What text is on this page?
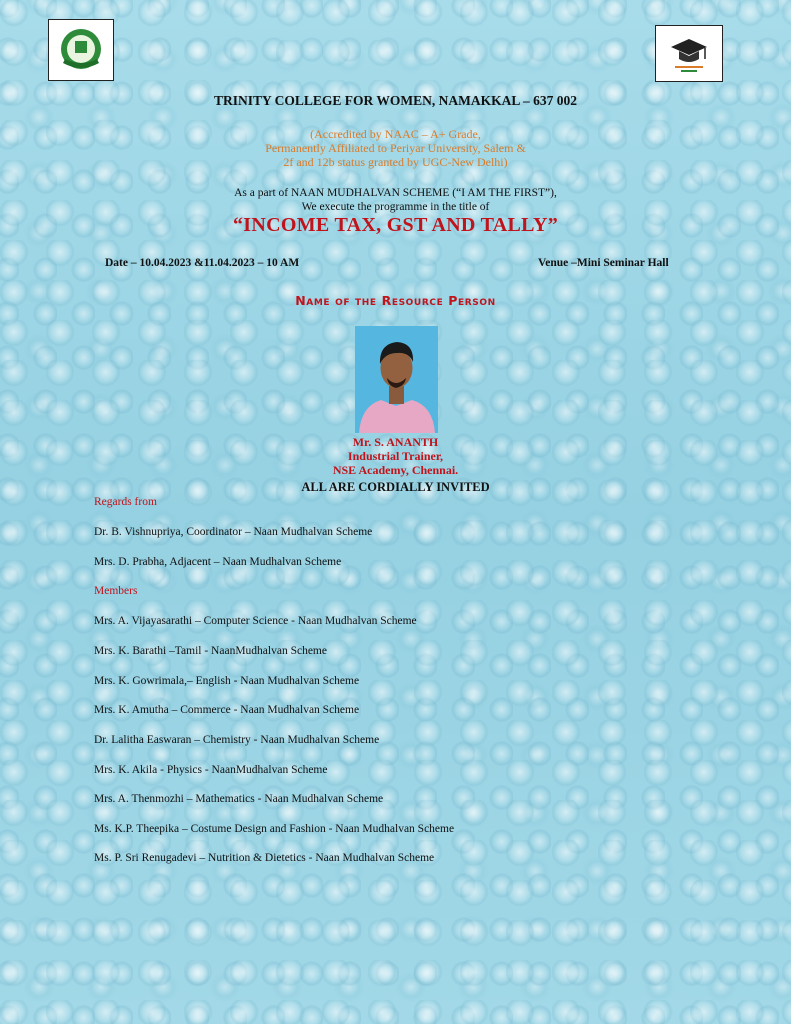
TRINITY COLLEGE FOR WOMEN, NAMAKKAL – 637 002
(Accredited by NAAC – A+ Grade,
Permanently Affiliated to Periyar University, Salem &
2f and 12b status granted by UGC-New Delhi)
As a part of NAAN MUDHALVAN SCHEME (“I AM THE FIRST”),
We execute the programme in the title of
“INCOME TAX, GST AND TALLY”
Date – 10.04.2023 &11.04.2023 – 10 AM	Venue –Mini Seminar Hall
Name of the Resource Person
Mr. S. ANANTH
Industrial Trainer,
NSE Academy, Chennai.
ALL ARE CORDIALLY INVITED
Regards from
Dr. B. Vishnupriya, Coordinator – Naan Mudhalvan Scheme
Mrs. D. Prabha, Adjacent – Naan Mudhalvan Scheme
Members
Mrs. A. Vijayasarathi – Computer Science - Naan Mudhalvan Scheme
Mrs. K. Barathi –Tamil - NaanMudhalvan Scheme
Mrs. K. Gowrimala,– English - Naan Mudhalvan Scheme
Mrs. K. Amutha – Commerce - Naan Mudhalvan Scheme
Dr. Lalitha Easwaran – Chemistry - Naan Mudhalvan Scheme
Mrs. K. Akila - Physics - NaanMudhalvan Scheme
Mrs. A. Thenmozhi – Mathematics - Naan Mudhalvan Scheme
Ms. K.P. Theepika – Costume Design and Fashion - Naan Mudhalvan Scheme
Ms. P. Sri Renugadevi – Nutrition & Dietetics - Naan Mudhalvan Scheme
